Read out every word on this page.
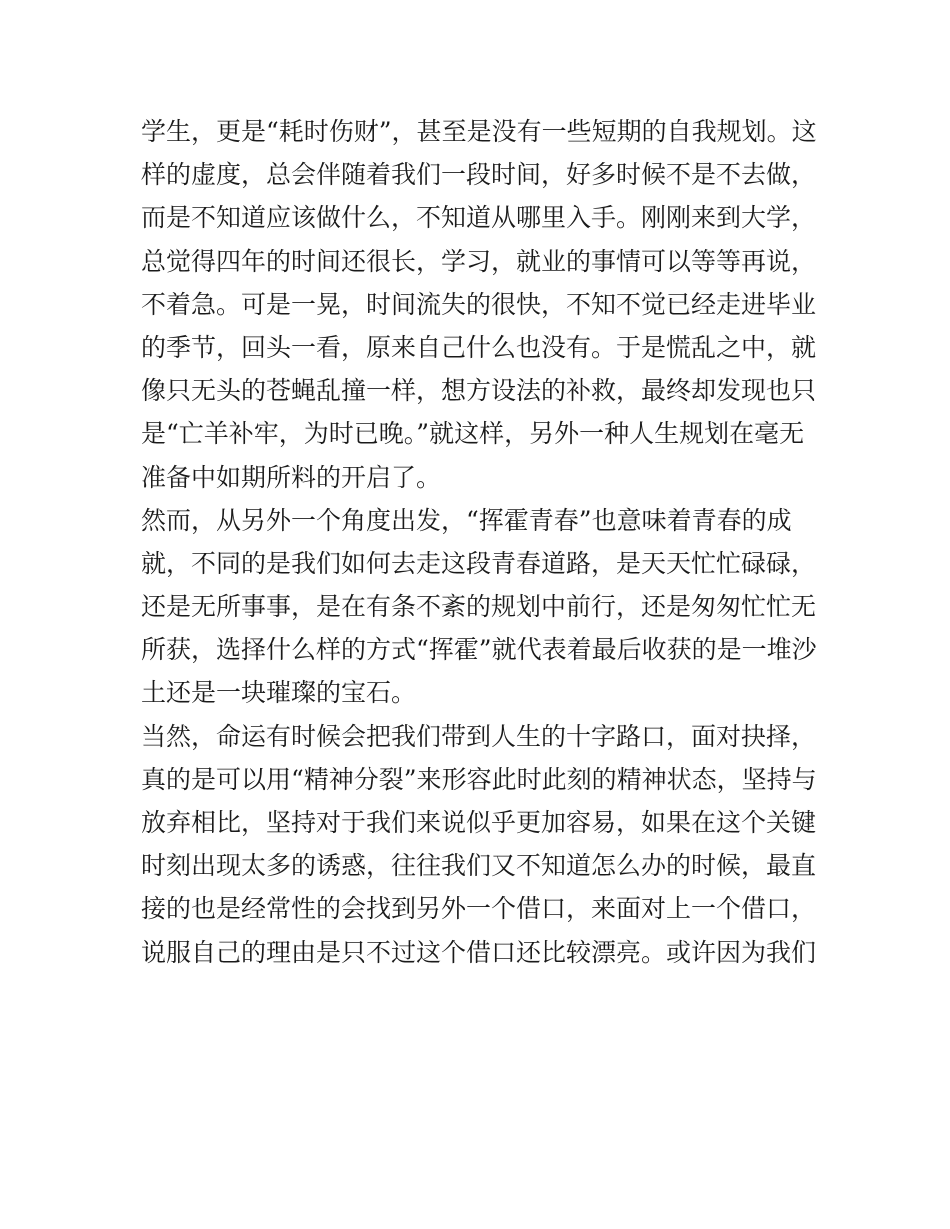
学生，更是“耗时伤财”，甚至是没有一些短期的自我规划。这
样的虚度，总会伴随着我们一段时间，好多时候不是不去做，
而是不知道应该做什么，不知道从哪里入手。刚刚来到大学，
总觉得四年的时间还很长，学习，就业的事情可以等等再说，
不着急。可是一晃，时间流失的很快，不知不觉已经走进毕业
的季节，回头一看，原来自己什么也没有。于是慌乱之中，就
像只无头的苍蝇乱撞一样，想方设法的补救，最终却发现也只
是“亡羊补牢，为时已晚。”就这样，另外一种人生规划在毫无
准备中如期所料的开启了。
然而，从另外一个角度出发，“挥霍青春”也意味着青春的成
就，不同的是我们如何去走这段青春道路，是天天忙忙碌碌，
还是无所事事，是在有条不紊的规划中前行，还是匆匆忙忙无
所获，选择什么样的方式“挥霍”就代表着最后收获的是一堆沙
土还是一块璀璨的宝石。
当然，命运有时候会把我们带到人生的十字路口，面对抉择，
真的是可以用“精神分裂”来形容此时此刻的精神状态，坚持与
放弃相比，坚持对于我们来说似乎更加容易，如果在这个关键
时刻出现太多的诱惑，往往我们又不知道怎么办的时候，最直
接的也是经常性的会找到另外一个借口，来面对上一个借口，
说服自己的理由是只不过这个借口还比较漂亮。或许因为我们
